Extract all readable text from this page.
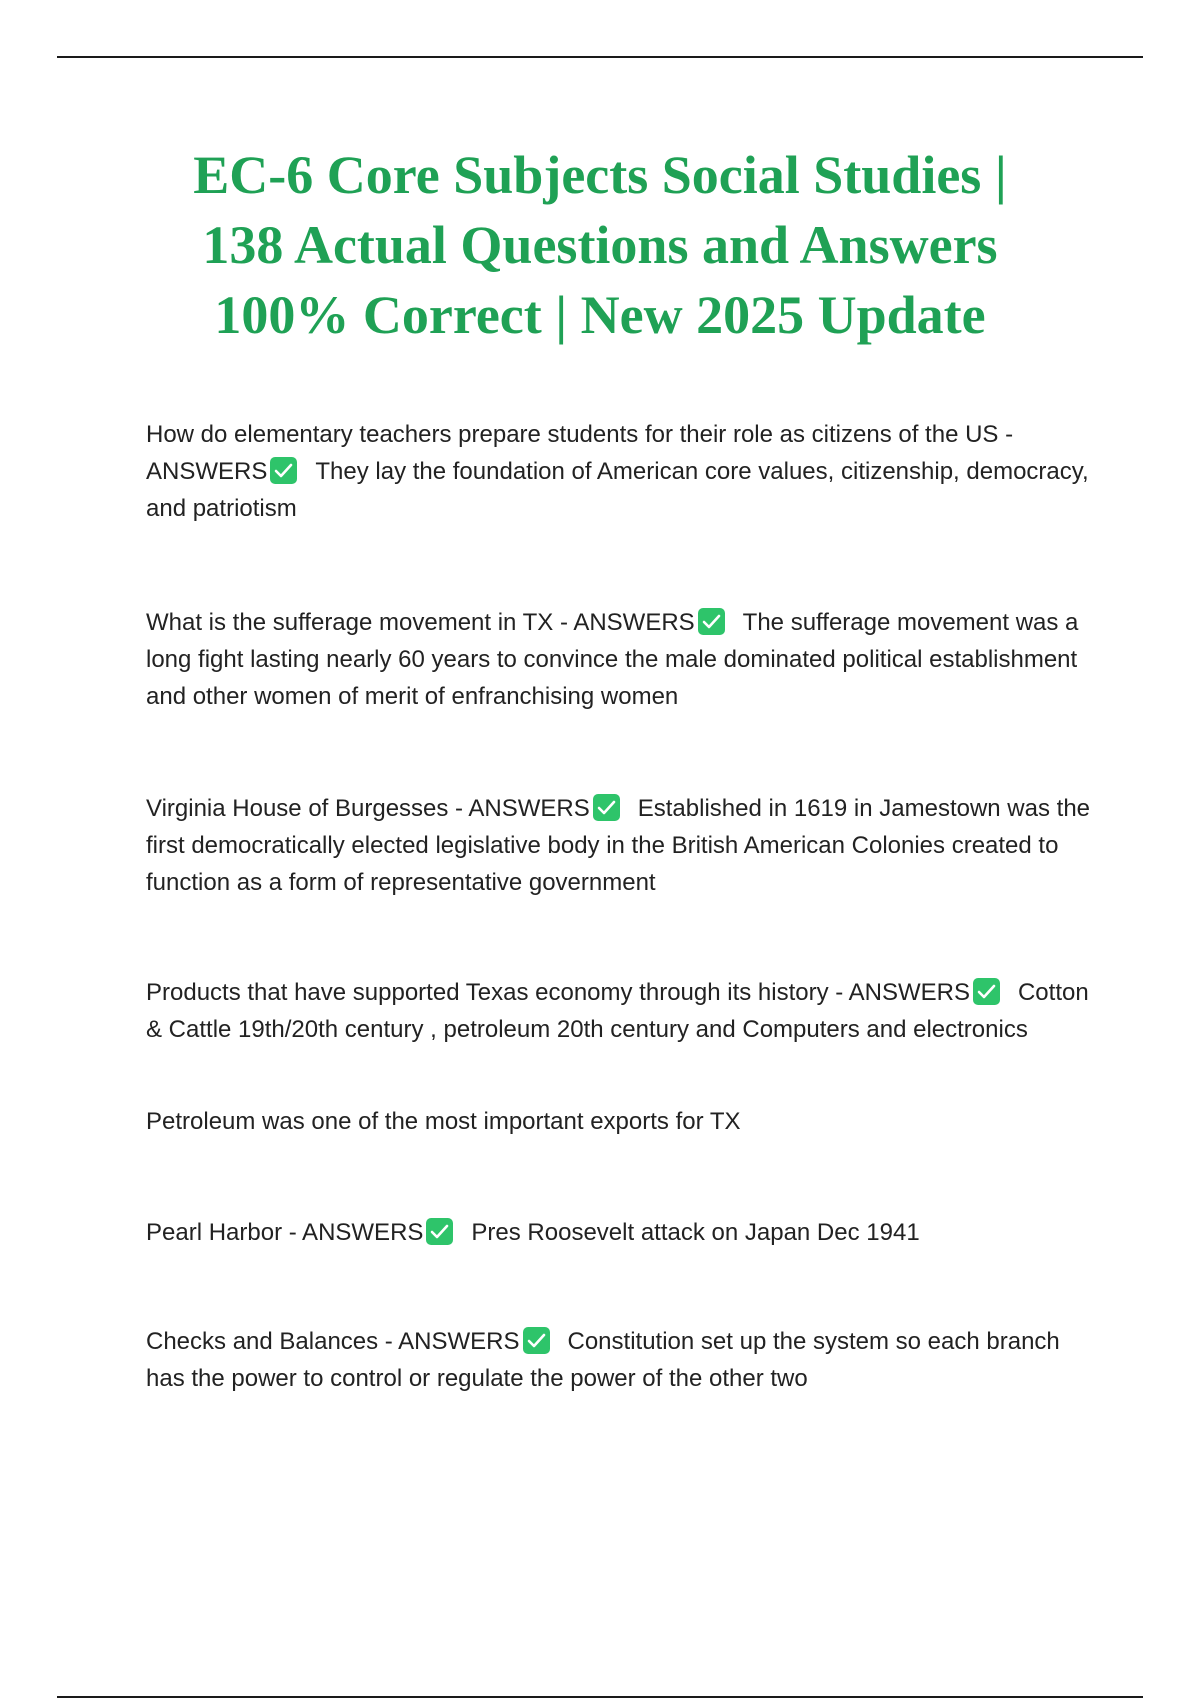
EC-6 Core Subjects Social Studies |
138 Actual Questions and Answers
100% Correct | New 2025 Update

How do elementary teachers prepare students for their role as citizens of the US - ANSWERS They lay the foundation of American core values, citizenship, democracy, and patriotism

What is the sufferage movement in TX - ANSWERS The sufferage movement was a long fight lasting nearly 60 years to convince the male dominated political establishment and other women of merit of enfranchising women

Virginia House of Burgesses - ANSWERS Established in 1619 in Jamestown was the first democratically elected legislative body in the British American Colonies created to function as a form of representative government

Products that have supported Texas economy through its history - ANSWERS Cotton & Cattle 19th/20th century , petroleum 20th century and Computers and electronics

Petroleum was one of the most important exports for TX

Pearl Harbor - ANSWERS Pres Roosevelt attack on Japan Dec 1941

Checks and Balances - ANSWERS Constitution set up the system so each branch has the power to control or regulate the power of the other two
